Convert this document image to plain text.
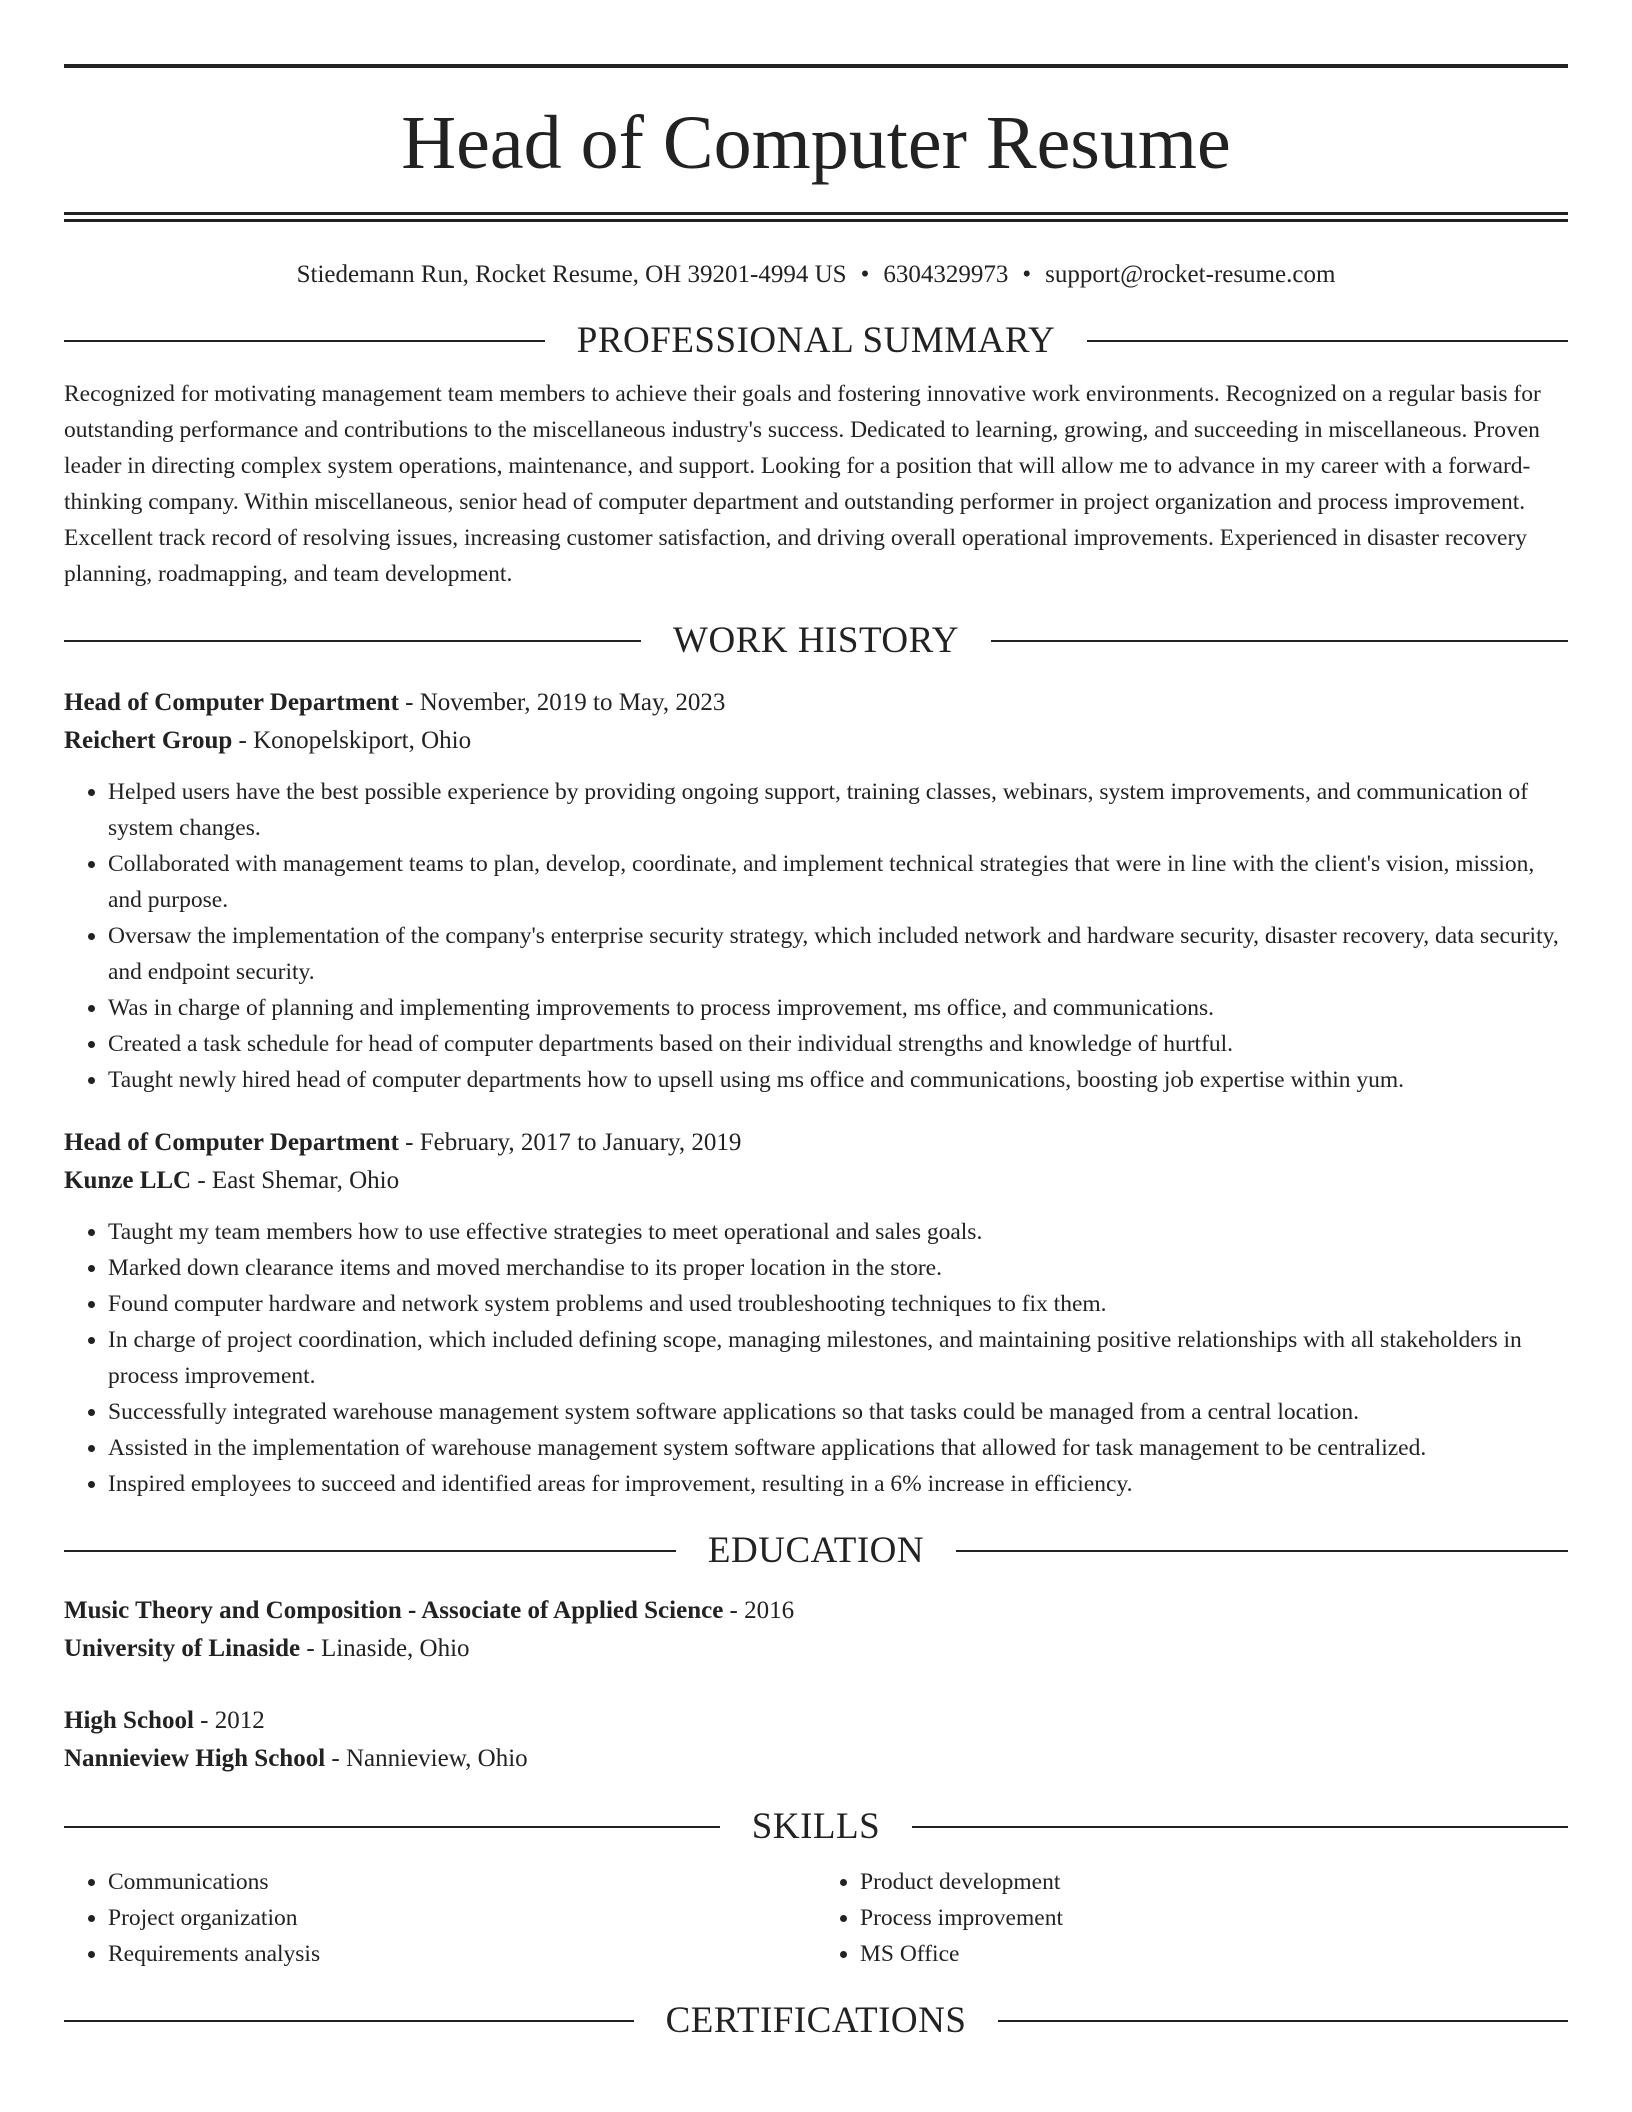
Head of Computer Resume
Stiedemann Run, Rocket Resume, OH 39201-4994 US • 6304329973 • support@rocket-resume.com
PROFESSIONAL SUMMARY
Recognized for motivating management team members to achieve their goals and fostering innovative work environments. Recognized on a regular basis for outstanding performance and contributions to the miscellaneous industry's success. Dedicated to learning, growing, and succeeding in miscellaneous. Proven leader in directing complex system operations, maintenance, and support. Looking for a position that will allow me to advance in my career with a forward-thinking company. Within miscellaneous, senior head of computer department and outstanding performer in project organization and process improvement. Excellent track record of resolving issues, increasing customer satisfaction, and driving overall operational improvements. Experienced in disaster recovery planning, roadmapping, and team development.
WORK HISTORY
Head of Computer Department - November, 2019 to May, 2023
Reichert Group - Konopelskiport, Ohio
• Helped users have the best possible experience by providing ongoing support, training classes, webinars, system improvements, and communication of system changes.
• Collaborated with management teams to plan, develop, coordinate, and implement technical strategies that were in line with the client's vision, mission, and purpose.
• Oversaw the implementation of the company's enterprise security strategy, which included network and hardware security, disaster recovery, data security, and endpoint security.
• Was in charge of planning and implementing improvements to process improvement, ms office, and communications.
• Created a task schedule for head of computer departments based on their individual strengths and knowledge of hurtful.
• Taught newly hired head of computer departments how to upsell using ms office and communications, boosting job expertise within yum.
Head of Computer Department - February, 2017 to January, 2019
Kunze LLC - East Shemar, Ohio
• Taught my team members how to use effective strategies to meet operational and sales goals.
• Marked down clearance items and moved merchandise to its proper location in the store.
• Found computer hardware and network system problems and used troubleshooting techniques to fix them.
• In charge of project coordination, which included defining scope, managing milestones, and maintaining positive relationships with all stakeholders in process improvement.
• Successfully integrated warehouse management system software applications so that tasks could be managed from a central location.
• Assisted in the implementation of warehouse management system software applications that allowed for task management to be centralized.
• Inspired employees to succeed and identified areas for improvement, resulting in a 6% increase in efficiency.
EDUCATION
Music Theory and Composition - Associate of Applied Science - 2016
University of Linaside - Linaside, Ohio
High School - 2012
Nannieview High School - Nannieview, Ohio
SKILLS
• Communications
• Project organization
• Requirements analysis
• Product development
• Process improvement
• MS Office
CERTIFICATIONS
